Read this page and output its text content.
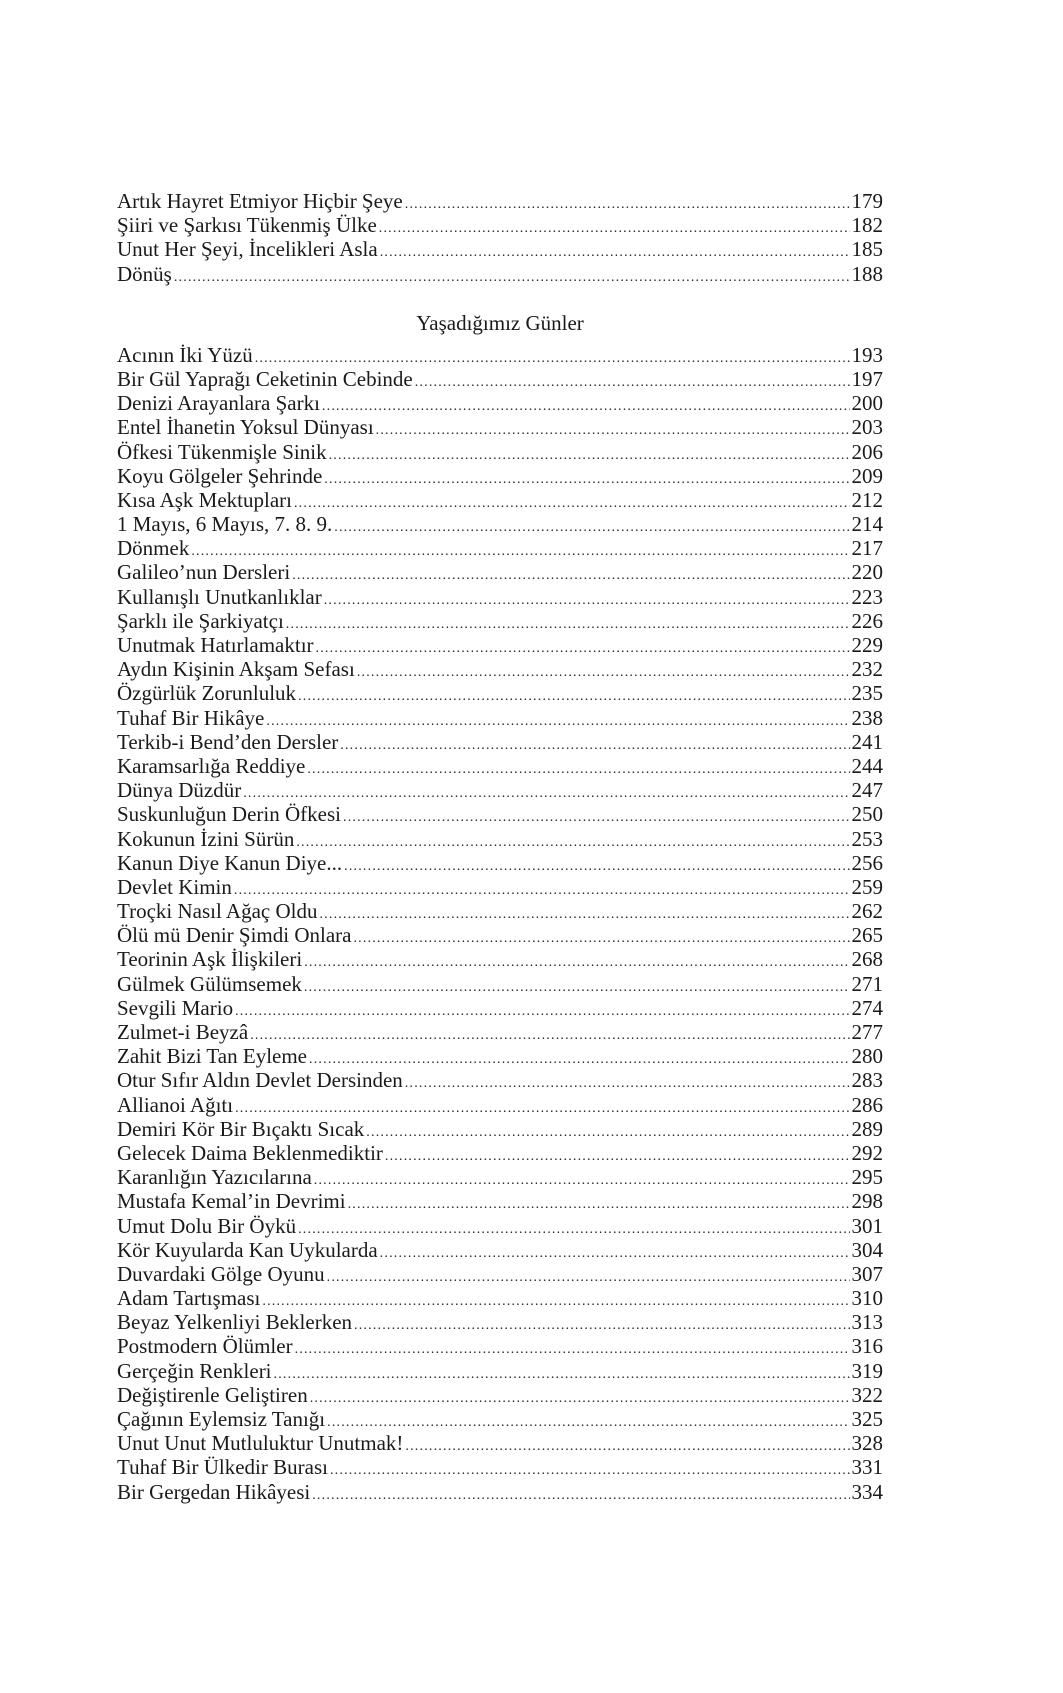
Artık Hayret Etmiyor Hiçbir Şeye .....	179
Şiiri ve Şarkısı Tükenmiş Ülke .....	182
Unut Her Şeyi, İncelikleri Asla .....	185
Dönüş .....	188
Yaşadığımız Günler
Acının İki Yüzü .....	193
Bir Gül Yaprağı Ceketinin Cebinde .....	197
Denizi Arayanlara Şarkı .....	200
Entel İhanetin Yoksul Dünyası .....	203
Öfkesi Tükenmişle Sinik .....	206
Koyu Gölgeler Şehrinde .....	209
Kısa Aşk Mektupları .....	212
1 Mayıs, 6 Mayıs, 7. 8. 9. .....	214
Dönmek .....	217
Galileo’nun Dersleri .....	220
Kullanışlı Unutkanlıklar .....	223
Şarklı ile Şarkiyatçı .....	226
Unutmak Hatırlamaktır .....	229
Aydın Kişinin Akşam Sefası .....	232
Özgürlük Zorunluluk .....	235
Tuhaf Bir Hikâye .....	238
Terkib-i Bend’den Dersler .....	241
Karamsarlığa Reddiye .....	244
Dünya Düzdür .....	247
Suskunluğun Derin Öfkesi .....	250
Kokunun İzini Sürün .....	253
Kanun Diye Kanun Diye... .....	256
Devlet Kimin .....	259
Troçki Nasıl Ağaç Oldu .....	262
Ölü mü Denir Şimdi Onlara .....	265
Teorinin Aşk İlişkileri .....	268
Gülmek Gülümsemek .....	271
Sevgili Mario .....	274
Zulmet-i Beyzâ .....	277
Zahit Bizi Tan Eyleme .....	280
Otur Sıfır Aldın Devlet Dersinden .....	283
Allianoi Ağıtı .....	286
Demiri Kör Bir Bıçaktı Sıcak .....	289
Gelecek Daima Beklenmediktir .....	292
Karanlığın Yazıcılarına .....	295
Mustafa Kemal’in Devrimi .....	298
Umut Dolu Bir Öykü .....	301
Kör Kuyularda Kan Uykularda .....	304
Duvardaki Gölge Oyunu .....	307
Adam Tartışması .....	310
Beyaz Yelkenliyi Beklerken .....	313
Postmodern Ölümler .....	316
Gerçeğin Renkleri .....	319
Değiştirenle Geliştiren .....	322
Çağının Eylemsiz Tanığı .....	325
Unut Unut Mutluluktur Unutmak! .....	328
Tuhaf Bir Ülkedir Burası .....	331
Bir Gergedan Hikâyesi .....	334
